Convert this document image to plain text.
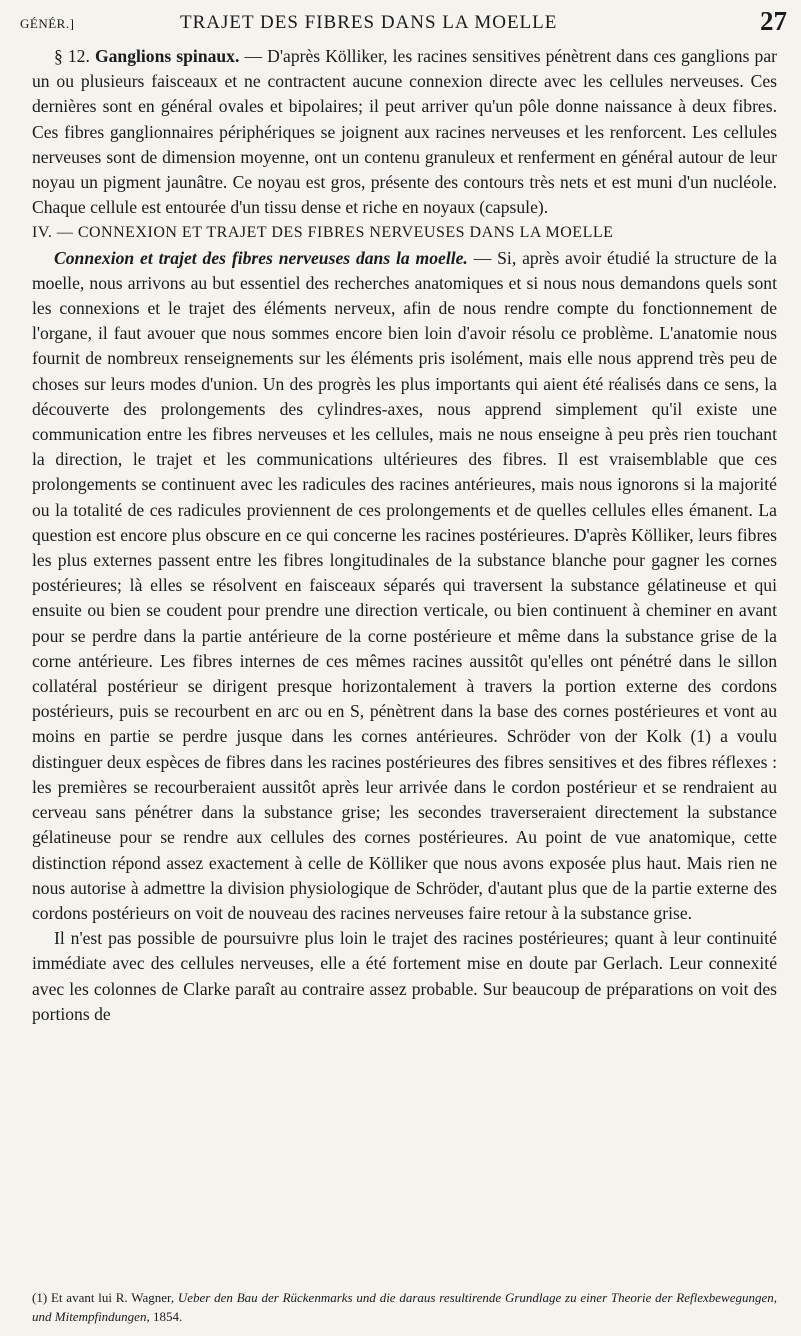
GÉNÉR.]	TRAJET DES FIBRES DANS LA MOELLE	27

§ 12. Ganglions spinaux. — D'après Kölliker, les racines sensitives pénètrent dans ces ganglions par un ou plusieurs faisceaux et ne contractent aucune connexion directe avec les cellules nerveuses. Ces dernières sont en général ovales et bipolaires; il peut arriver qu'un pôle donne naissance à deux fibres. Ces fibres ganglionnaires périphériques se joignent aux racines nerveuses et les renforcent. Les cellules nerveuses sont de dimension moyenne, ont un contenu granuleux et renferment en général autour de leur noyau un pigment jaunâtre. Ce noyau est gros, présente des contours très nets et est muni d'un nucléole. Chaque cellule est entourée d'un tissu dense et riche en noyaux (capsule).

IV. — CONNEXION ET TRAJET DES FIBRES NERVEUSES DANS LA MOELLE

Connexion et trajet des fibres nerveuses dans la moelle. — Si, après avoir étudié la structure de la moelle, nous arrivons au but essentiel des recherches anatomiques et si nous nous demandons quels sont les connexions et le trajet des éléments nerveux, afin de nous rendre compte du fonctionnement de l'organe, il faut avouer que nous sommes encore bien loin d'avoir résolu ce problème. L'anatomie nous fournit de nombreux renseignements sur les éléments pris isolément, mais elle nous apprend très peu de choses sur leurs modes d'union. Un des progrès les plus importants qui aient été réalisés dans ce sens, la découverte des prolongements des cylindres-axes, nous apprend simplement qu'il existe une communication entre les fibres nerveuses et les cellules, mais ne nous enseigne à peu près rien touchant la direction, le trajet et les communications ultérieures des fibres. Il est vraisemblable que ces prolongements se continuent avec les radicules des racines antérieures, mais nous ignorons si la majorité ou la totalité de ces radicules proviennent de ces prolongements et de quelles cellules elles émanent. La question est encore plus obscure en ce qui concerne les racines postérieures. D'après Kölliker, leurs fibres les plus externes passent entre les fibres longitudinales de la substance blanche pour gagner les cornes postérieures; là elles se résolvent en faisceaux séparés qui traversent la substance gélatineuse et qui ensuite ou bien se coudent pour prendre une direction verticale, ou bien continuent à cheminer en avant pour se perdre dans la partie antérieure de la corne postérieure et même dans la substance grise de la corne antérieure. Les fibres internes de ces mêmes racines aussitôt qu'elles ont pénétré dans le sillon collatéral postérieur se dirigent presque horizontalement à travers la portion externe des cordons postérieurs, puis se recourbent en arc ou en S, pénètrent dans la base des cornes postérieures et vont au moins en partie se perdre jusque dans les cornes antérieures. Schröder von der Kolk (1) a voulu distinguer deux espèces de fibres dans les racines postérieures des fibres sensitives et des fibres réflexes : les premières se recourberaient aussitôt après leur arrivée dans le cordon postérieur et se rendraient au cerveau sans pénétrer dans la substance grise; les secondes traverseraient directement la substance gélatineuse pour se rendre aux cellules des cornes postérieures. Au point de vue anatomique, cette distinction répond assez exactement à celle de Kölliker que nous avons exposée plus haut. Mais rien ne nous autorise à admettre la division physiologique de Schröder, d'autant plus que de la partie externe des cordons postérieurs on voit de nouveau des racines nerveuses faire retour à la substance grise.

Il n'est pas possible de poursuivre plus loin le trajet des racines postérieures; quant à leur continuité immédiate avec des cellules nerveuses, elle a été fortement mise en doute par Gerlach. Leur connexité avec les colonnes de Clarke paraît au contraire assez probable. Sur beaucoup de préparations on voit des portions de

(1) Et avant lui R. Wagner, Ueber den Bau der Rückenmarks und die daraus resultirende Grundlage zu einer Theorie der Reflexbewegungen, und Mitempfindungen, 1854.
